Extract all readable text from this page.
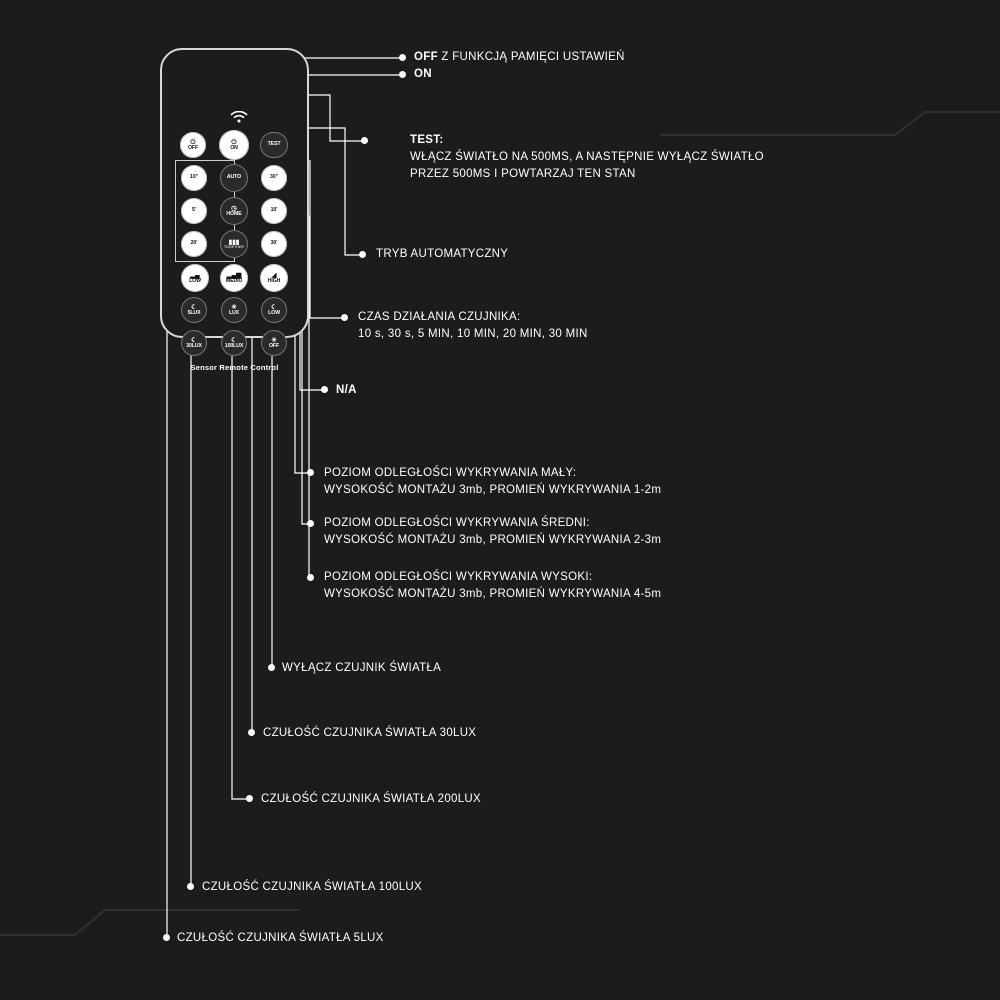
⏻
OFF
⏻
ON
TEST
10"	AUTO	30"
5'	◷
HOME
10'
20'	▮▮▮
TOGETHER
30'
▂▄
LOW
▂▄▆
MEDIU
◢
HIGH
☾
5LUX
☀
LUX
☾
LOW
☾
30LUX
☾
100LUX
☀
OFF
Sensor Remote Control
OFF Z FUNKCJĄ PAMIĘCI USTAWIEŃ
ON
TEST:
WŁĄCZ ŚWIATŁO NA 500MS, A NASTĘPNIE WYŁĄCZ ŚWIATŁO
PRZEZ 500MS I POWTARZAJ TEN STAN
TRYB AUTOMATYCZNY
CZAS DZIAŁANIA CZUJNIKA:
10 s, 30 s, 5 MIN, 10 MIN, 20 MIN, 30 MIN
N/A
POZIOM ODLEGŁOŚCI WYKRYWANIA MAŁY:
WYSOKOŚĆ MONTAŻU 3mb, PROMIEŃ WYKRYWANIA 1-2m
POZIOM ODLEGŁOŚCI WYKRYWANIA ŚREDNI:
WYSOKOŚĆ MONTAŻU 3mb, PROMIEŃ WYKRYWANIA 2-3m
POZIOM ODLEGŁOŚCI WYKRYWANIA WYSOKI:
WYSOKOŚĆ MONTAŻU 3mb, PROMIEŃ WYKRYWANIA 4-5m
WYŁĄCZ CZUJNIK ŚWIATŁA
CZUŁOŚĆ CZUJNIKA ŚWIATŁA 30LUX
CZUŁOŚĆ CZUJNIKA ŚWIATŁA 200LUX
CZUŁOŚĆ CZUJNIKA ŚWIATŁA 100LUX
CZUŁOŚĆ CZUJNIKA ŚWIATŁA 5LUX
